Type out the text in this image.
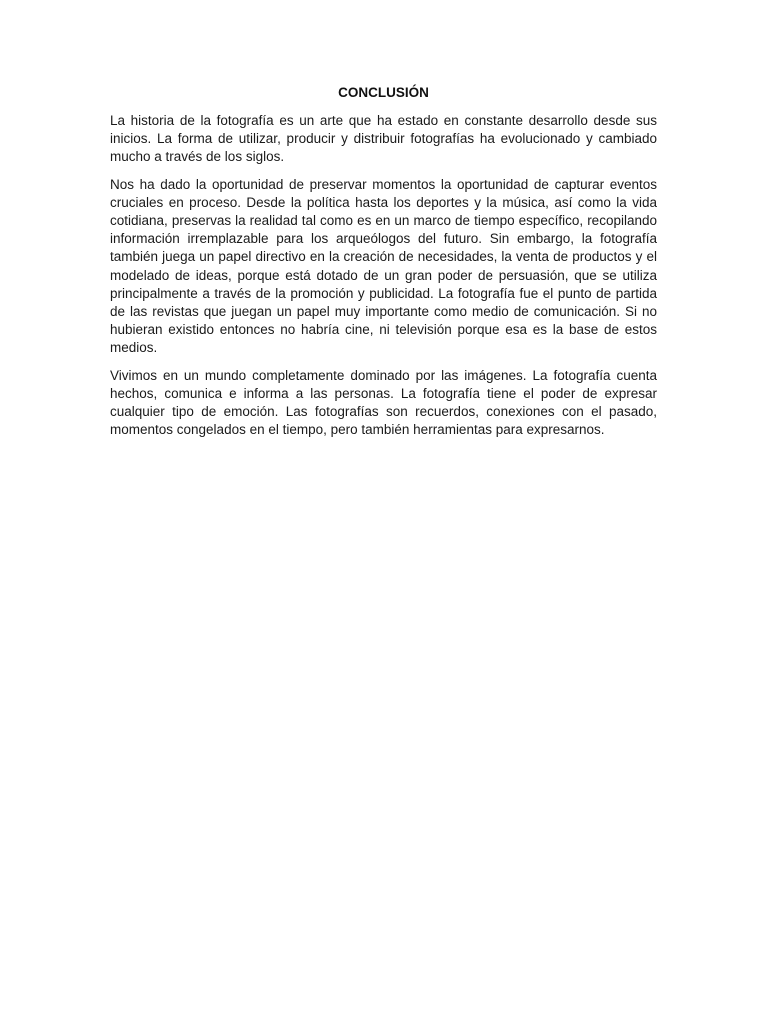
CONCLUSIÓN

La historia de la fotografía es un arte que ha estado en constante desarrollo desde sus inicios. La forma de utilizar, producir y distribuir fotografías ha evolucionado y cambiado mucho a través de los siglos.

Nos ha dado la oportunidad de preservar momentos la oportunidad de capturar eventos cruciales en proceso. Desde la política hasta los deportes y la música, así como la vida cotidiana, preservas la realidad tal como es en un marco de tiempo específico, recopilando información irremplazable para los arqueólogos del futuro. Sin embargo, la fotografía también juega un papel directivo en la creación de necesidades, la venta de productos y el modelado de ideas, porque está dotado de un gran poder de persuasión, que se utiliza principalmente a través de la promoción y publicidad. La fotografía fue el punto de partida de las revistas que juegan un papel muy importante como medio de comunicación. Si no hubieran existido entonces no habría cine, ni televisión porque esa es la base de estos medios.

Vivimos en un mundo completamente dominado por las imágenes. La fotografía cuenta hechos, comunica e informa a las personas. La fotografía tiene el poder de expresar cualquier tipo de emoción. Las fotografías son recuerdos, conexiones con el pasado, momentos congelados en el tiempo, pero también herramientas para expresarnos.
